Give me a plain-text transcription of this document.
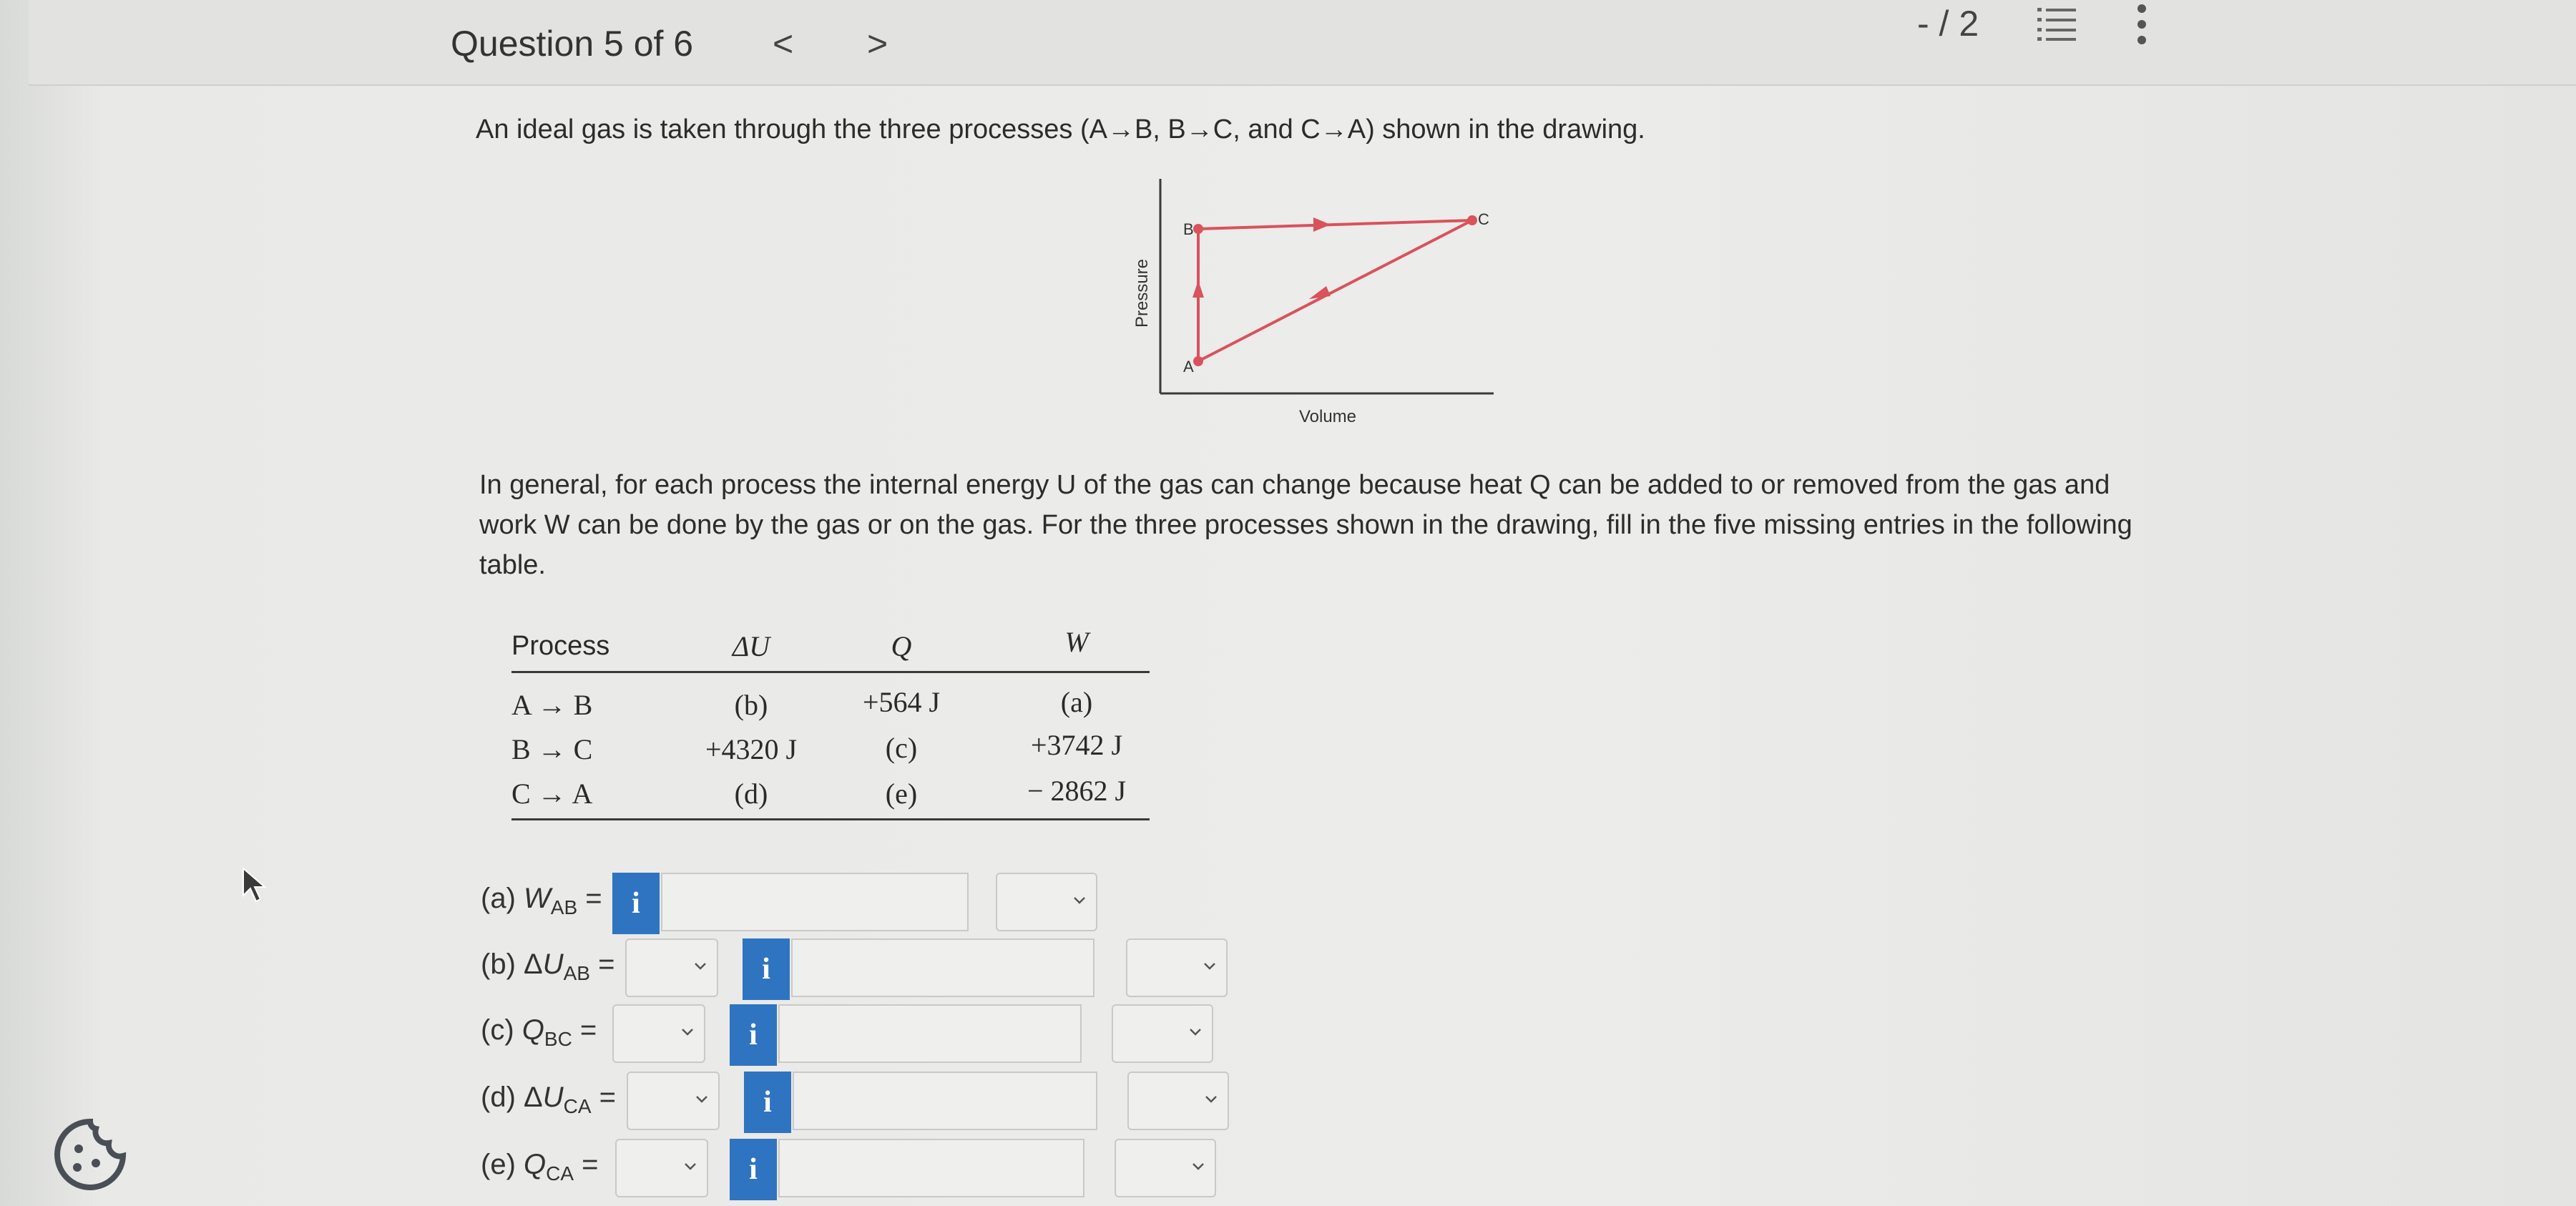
Question 5 of 6 < >	- / 2
An ideal gas is taken through the three processes (A→B, B→C, and C→A) shown in the drawing.
Pressure
Volume
A
B
C
In general, for each process the internal energy U of the gas can change because heat Q can be added to or removed from the gas and work W can be done by the gas or on the gas. For the three processes shown in the drawing, fill in the five missing entries in the following table.
Process	ΔU	Q	W
A → B	(b)	+564 J	(a)
B → C	+4320 J	(c)	+3742 J
C → A	(d)	(e)	− 2862 J
(a) $W_{AB} = i$
(b) $\Delta U_{AB}$ =	i
(c) $Q_{BC}$ =	i
(d) $\Delta U_{CA}$ =	i
(e) $Q_{CA}$ =	i
